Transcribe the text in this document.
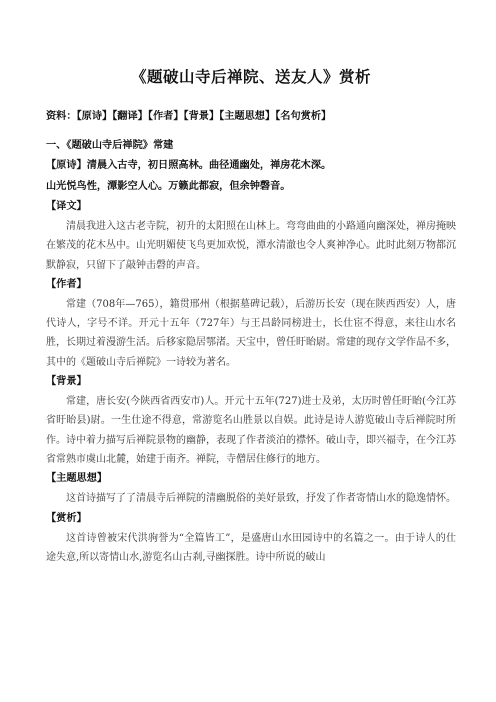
《题破山寺后禅院、送友人》赏析
资料：【原诗】【翻译】【作者】【背景】【主题思想】【名句赏析】
一、《题破山寺后禅院》常建
【原诗】清晨入古寺，初日照高林。曲径通幽处，禅房花木深。
山光悦鸟性，潭影空人心。万籁此都寂，但余钟磬音。
【译文】

清晨我进入这古老寺院，初升的太阳照在山林上。弯弯曲曲的小路通向幽深处，禅房掩映在繁茂的花木丛中。山光明媚使飞鸟更加欢悦，潭水清澈也令人爽神净心。此时此刻万物都沉默静寂，只留下了敲钟击磬的声音。

【作者】

常建（708年—765），籍贯邢州（根据墓碑记载），后游历长安（现在陕西西安）人，唐代诗人，字号不详。开元十五年（727年）与王昌龄同榜进士，长仕宦不得意，来往山水名胜，长期过着漫游生活。后移家隐居鄂渚。天宝中，曾任盱眙尉。常建的现存文学作品不多，其中的《题破山寺后禅院》一诗较为著名。

【背景】

常建，唐长安(今陕西省西安市)人。开元十五年(727)进士及弟，太历时曾任盱眙(今江苏省盱眙县)尉。一生仕途不得意，常游览名山胜景以自娱。此诗是诗人游览破山寺后禅院时所作。诗中着力描写后禅院景物的幽静，表现了作者淡泊的襟怀。破山寺，即兴福寺，在今江苏省常熟市虞山北麓，始建于南齐。禅院，寺僧居住修行的地方。

【主题思想】

这首诗描写了了清晨寺后禅院的清幽脱俗的美好景致，抒发了作者寄情山水的隐逸情怀。

【赏析】

这首诗曾被宋代洪驹誉为“全篇皆工”，是盛唐山水田园诗中的名篇之一。由于诗人的仕途失意,所以寄情山水,游览名山古刹,寻幽探胜。诗中所说的破山
